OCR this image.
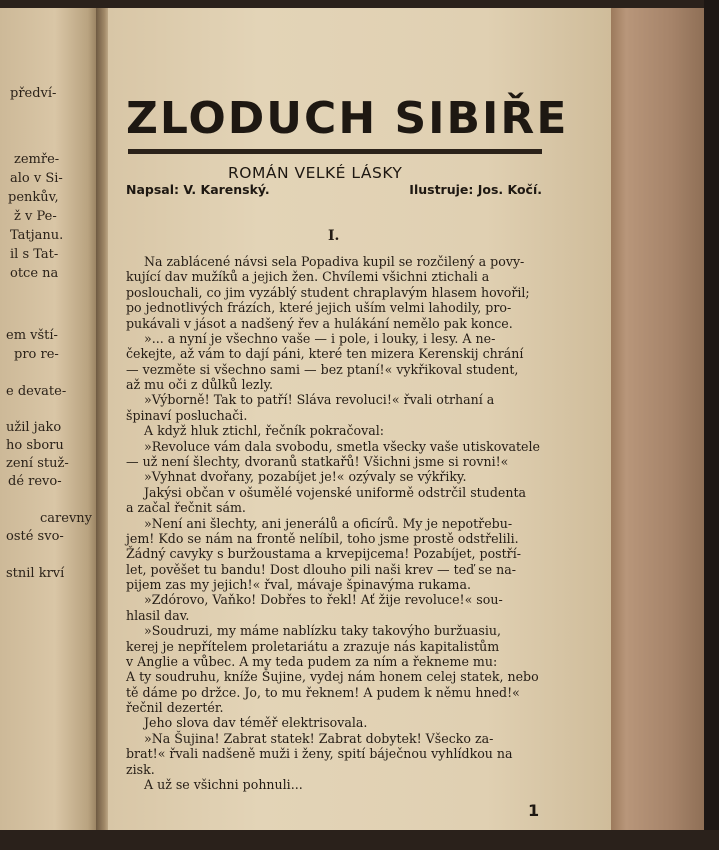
předví-
zemře-
alo v Si-
penkův,
ž v Pe-
Tatjanu.
il s Tat-
otce na
em vští-
pro re-
e devate-
užil jako
ho sboru
zení stuž-
dé revo-
carevny
osté svo-
stnil krví
ZLODUCH SIBIŘE
ROMÁN VELKÉ LÁSKY
Napsal: V. Karenský.	Ilustruje: Jos. Kočí.
I.
Na zablácené návsi sela Popadiva kupil se rozčilený a povy-
kující dav mužíků a jejich žen. Chvílemi všichni ztichali a
poslouchali, co jim vyzáblý student chraplavým hlasem hovořil;
po jednotlivých frázích, které jejich uším velmi lahodily, pro-
pukávali v jásot a nadšený řev a hulákání nemělo pak konce.
»... a nyní je všechno vaše — i pole, i louky, i lesy. A ne-
čekejte, až vám to dají páni, které ten mizera Kerenskij chrání
— vezměte si všechno sami — bez ptaní!« vykřikoval student,
až mu oči z důlků lezly.
»Výborně! Tak to patří! Sláva revoluci!« řvali otrhaní a
špinaví posluchači.
A když hluk ztichl, řečník pokračoval:
»Revoluce vám dala svobodu, smetla všecky vaše utiskovatele
— už není šlechty, dvoranů statkařů! Všichni jsme si rovni!«
»Vyhnat dvořany, pozabíjet je!« ozývaly se výkřiky.
Jakýsi občan v ošumělé vojenské uniformě odstrčil studenta
a začal řečnit sám.
»Není ani šlechty, ani jenerálů a oficírů. My je nepotřebu-
jem! Kdo se nám na frontě nelíbil, toho jsme prostě odstřelili.
Žádný cavyky s buržoustama a krvepijcema! Pozabíjet, postří-
let, pověšet tu bandu! Dost dlouho pili naši krev — teď se na-
pijem zas my jejich!« řval, mávaje špinavýma rukama.
»Zdórovo, Vaňko! Dobřes to řekl! Ať žije revoluce!« sou-
hlasil dav.
»Soudruzi, my máme nablízku taky takovýho buržuasiu,
kerej je nepřítelem proletariátu a zrazuje nás kapitalistům
v Anglie a vůbec. A my teda pudem za ním a řekneme mu:
A ty soudruhu, kníže Šujine, vydej nám honem celej statek, nebo
tě dáme po držce. Jo, to mu řeknem! A pudem k němu hned!«
řečnil dezertér.
Jeho slova dav téměř elektrisovala.
»Na Šujina! Zabrat statek! Zabrat dobytek! Všecko za-
brat!« řvali nadšeně muži i ženy, spití báječnou vyhlídkou na
zisk.
A už se všichni pohnuli...
1
